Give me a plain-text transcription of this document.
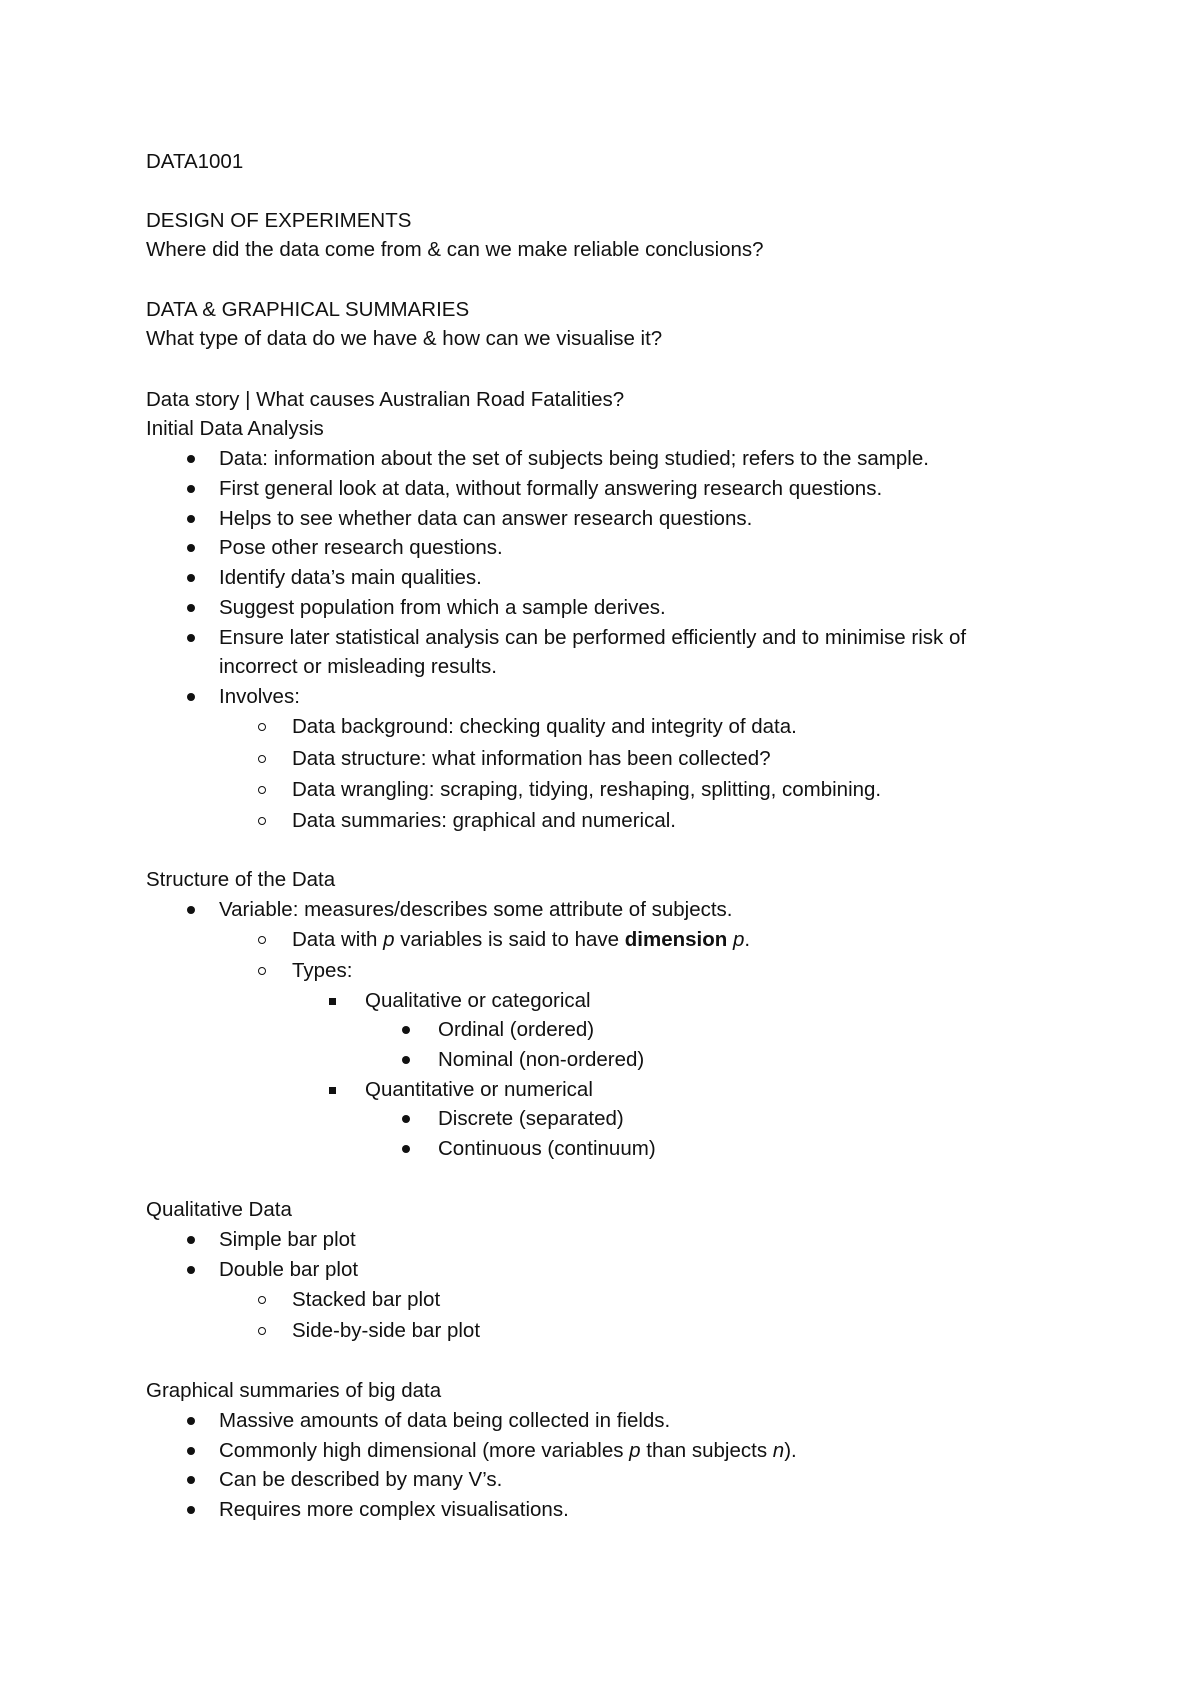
DATA1001
DESIGN OF EXPERIMENTS
Where did the data come from & can we make reliable conclusions?
DATA & GRAPHICAL SUMMARIES
What type of data do we have & how can we visualise it?
Data story | What causes Australian Road Fatalities?
Initial Data Analysis
Data: information about the set of subjects being studied; refers to the sample.
First general look at data, without formally answering research questions.
Helps to see whether data can answer research questions.
Pose other research questions.
Identify data’s main qualities.
Suggest population from which a sample derives.
Ensure later statistical analysis can be performed efficiently and to minimise risk of
incorrect or misleading results.
Involves:
Data background: checking quality and integrity of data.
Data structure: what information has been collected?
Data wrangling: scraping, tidying, reshaping, splitting, combining.
Data summaries: graphical and numerical.
Structure of the Data
Variable: measures/describes some attribute of subjects.
Data with p variables is said to have dimension p.
Types:
Qualitative or categorical
Ordinal (ordered)
Nominal (non-ordered)
Quantitative or numerical
Discrete (separated)
Continuous (continuum)
Qualitative Data
Simple bar plot
Double bar plot
Stacked bar plot
Side-by-side bar plot
Graphical summaries of big data
Massive amounts of data being collected in fields.
Commonly high dimensional (more variables p than subjects n).
Can be described by many V’s.
Requires more complex visualisations.
